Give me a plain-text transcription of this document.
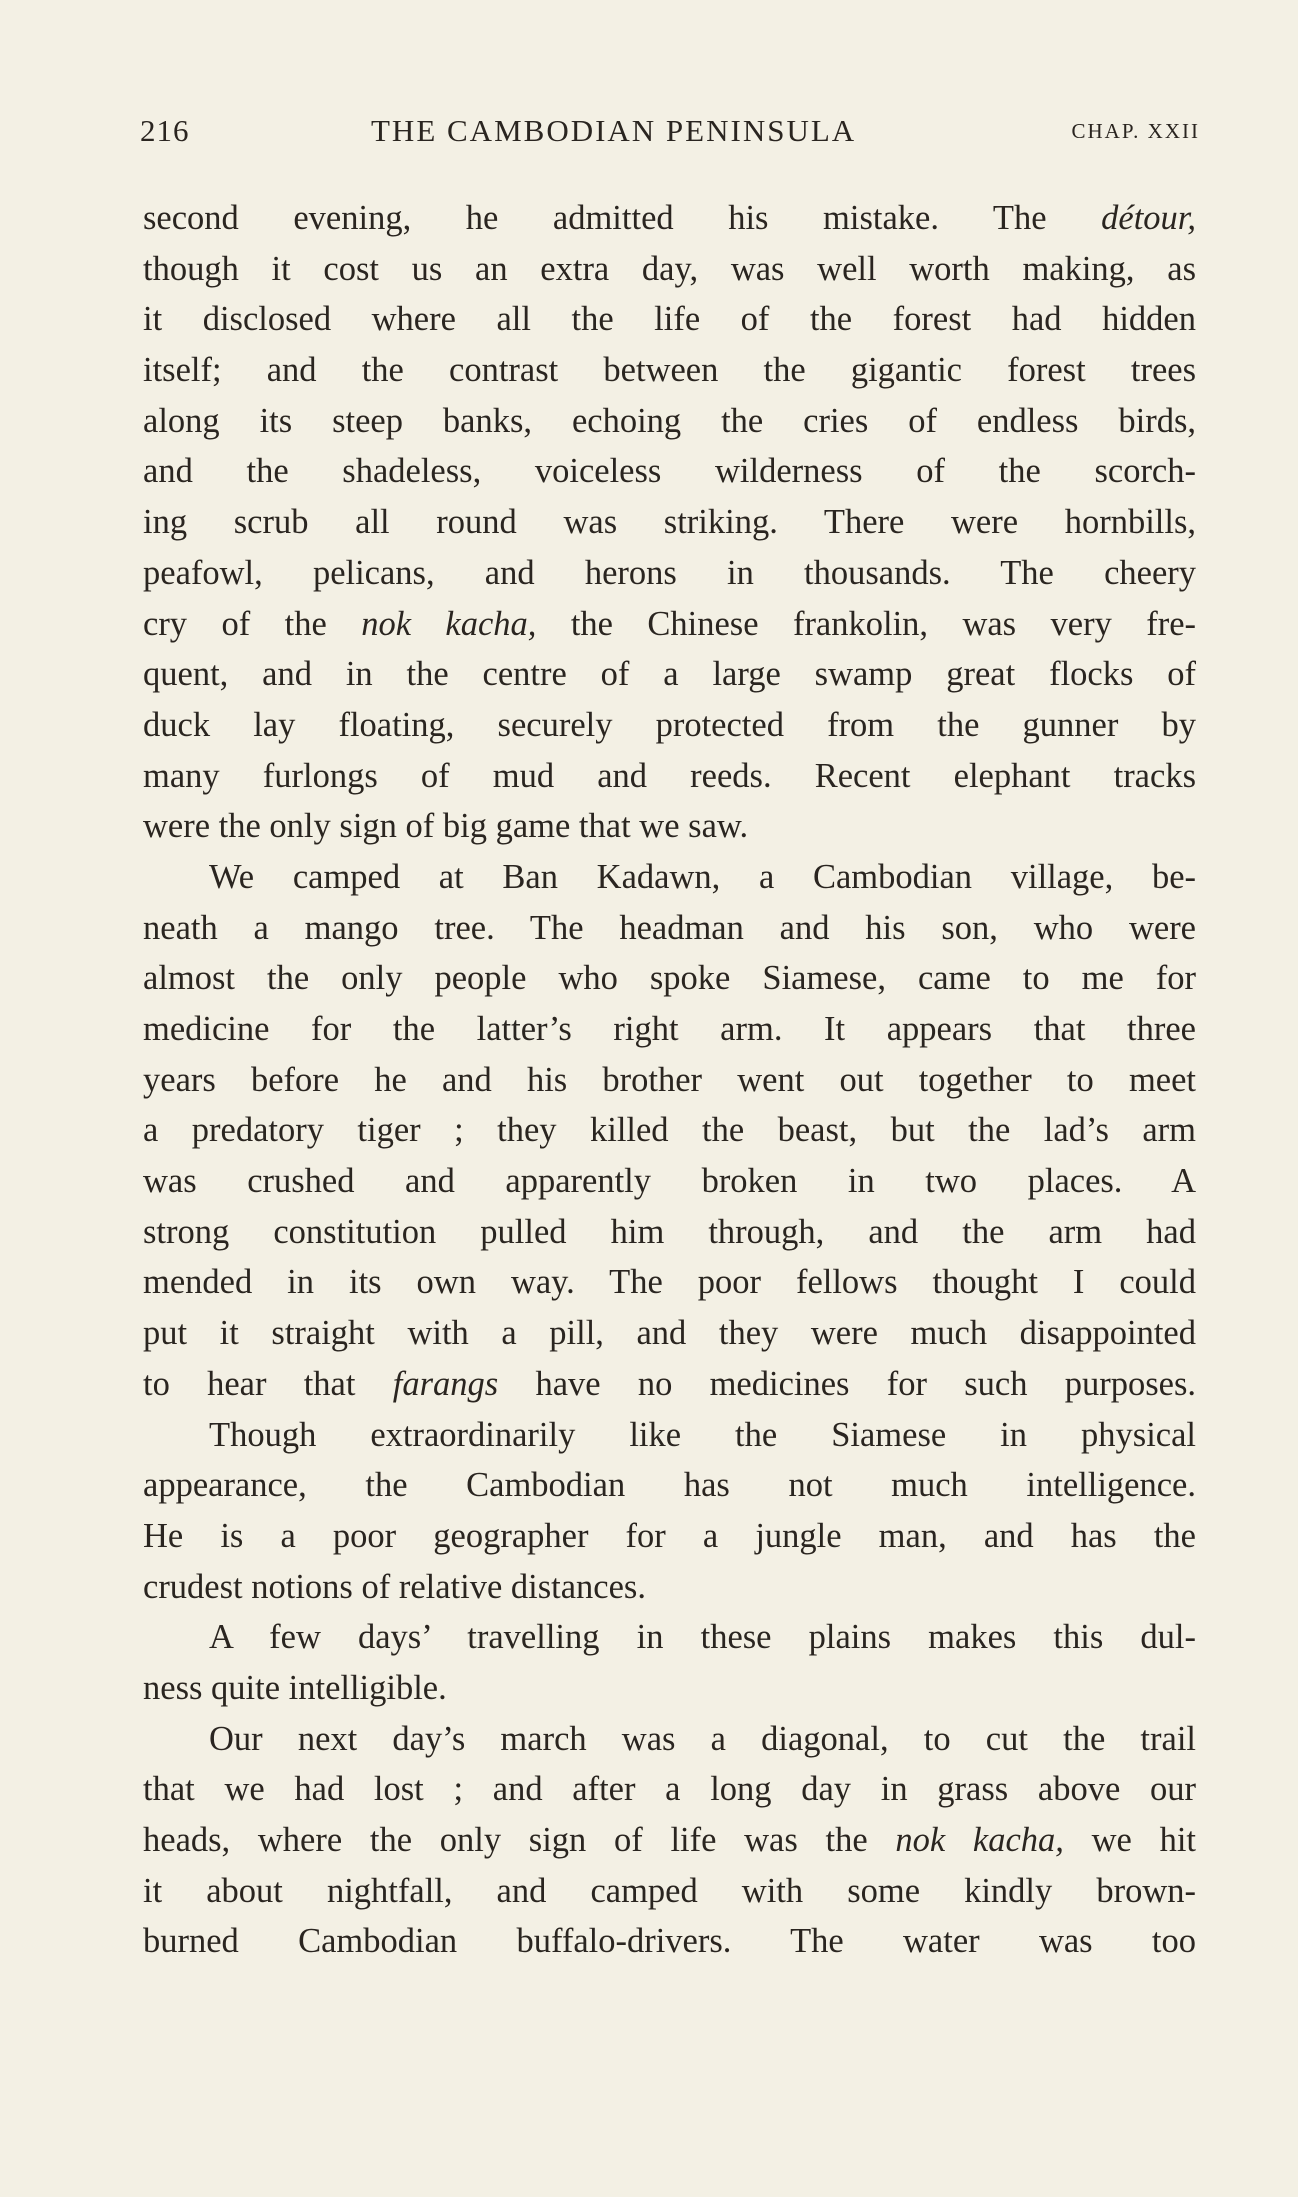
216	THE CAMBODIAN PENINSULA	CHAP. XXII
second evening, he admitted his mistake. The détour,
though it cost us an extra day, was well worth making, as
it disclosed where all the life of the forest had hidden
itself; and the contrast between the gigantic forest trees
along its steep banks, echoing the cries of endless birds,
and the shadeless, voiceless wilderness of the scorch-
ing scrub all round was striking. There were hornbills,
peafowl, pelicans, and herons in thousands. The cheery
cry of the nok kacha, the Chinese frankolin, was very fre-
quent, and in the centre of a large swamp great flocks of
duck lay floating, securely protected from the gunner by
many furlongs of mud and reeds. Recent elephant tracks
were the only sign of big game that we saw.
We camped at Ban Kadawn, a Cambodian village, be-
neath a mango tree. The headman and his son, who were
almost the only people who spoke Siamese, came to me for
medicine for the latter’s right arm. It appears that three
years before he and his brother went out together to meet
a predatory tiger ; they killed the beast, but the lad’s arm
was crushed and apparently broken in two places. A
strong constitution pulled him through, and the arm had
mended in its own way. The poor fellows thought I could
put it straight with a pill, and they were much disappointed
to hear that farangs have no medicines for such purposes.
Though extraordinarily like the Siamese in physical
appearance, the Cambodian has not much intelligence.
He is a poor geographer for a jungle man, and has the
crudest notions of relative distances.
A few days’ travelling in these plains makes this dul-
ness quite intelligible.
Our next day’s march was a diagonal, to cut the trail
that we had lost ; and after a long day in grass above our
heads, where the only sign of life was the nok kacha, we hit
it about nightfall, and camped with some kindly brown-
burned Cambodian buffalo-drivers. The water was too
